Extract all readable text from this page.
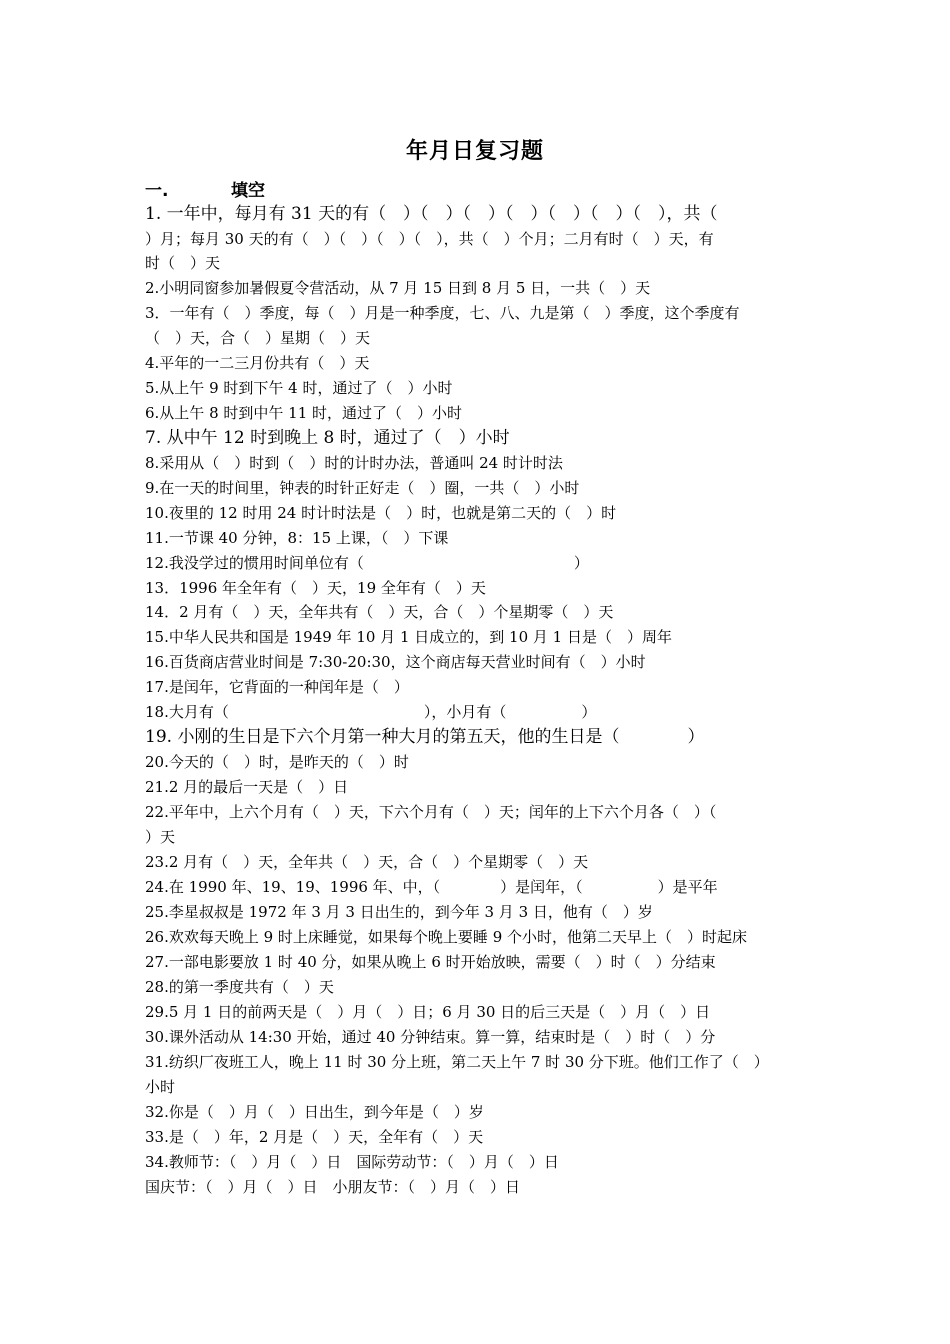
年月日复习题
一.	填空
1. 一年中，每月有 31 天的有（　）（　）（　）（　）（　）（　）（　），共（
）月；每月 30 天的有（　）（　）（　）（　），共（　）个月；二月有时（　）天，有
时（　）天
2.小明同窗参加暑假夏令营活动，从 7 月 15 日到 8 月 5 日，一共（　）天
3．一年有（　）季度，每（　）月是一种季度，七、八、九是第（　）季度，这个季度有
（　）天，合（　）星期（　）天
4.平年的一二三月份共有（　）天
5.从上午 9 时到下午 4 时，通过了（　）小时
6.从上午 8 时到中午 11 时，通过了（　）小时
7. 从中午 12 时到晚上 8 时，通过了（　）小时
8.采用从（　）时到（　）时的计时办法，普通叫 24 时计时法
9.在一天的时间里，钟表的时针正好走（　）圈，一共（　）小时
10.夜里的 12 时用 24 时计时法是（　）时，也就是第二天的（　）时
11.一节课 40 分钟，8：15 上课，（　）下课
12.我没学过的惯用时间单位有（　　　　　　　　　　　　　　）
13．1996 年全年有（　）天，19 全年有（　）天
14．2 月有（　）天，全年共有（　）天，合（　）个星期零（　）天
15.中华人民共和国是 1949 年 10 月 1 日成立的，到 10 月 1 日是（　）周年
16.百货商店营业时间是 7:30-20:30，这个商店每天营业时间有（　）小时
17.是闰年，它背面的一种闰年是（　）
18.大月有（　　　　　　　　　　　　　），小月有（　　　　　）
19. 小刚的生日是下六个月第一种大月的第五天，他的生日是（　　　　）
20.今天的（　）时，是昨天的（　）时
21.2 月的最后一天是（　）日
22.平年中，上六个月有（　）天，下六个月有（　）天；闰年的上下六个月各（　）（
）天
23.2 月有（　）天，全年共（　）天，合（　）个星期零（　）天
24.在 1990 年、19、19、1996 年、中，（　　　　）是闰年，（　　　　　）是平年
25.李星叔叔是 1972 年 3 月 3 日出生的，到今年 3 月 3 日，他有（　）岁
26.欢欢每天晚上 9 时上床睡觉，如果每个晚上要睡 9 个小时，他第二天早上（　）时起床
27.一部电影要放 1 时 40 分，如果从晚上 6 时开始放映，需要（　）时（　）分结束
28.的第一季度共有（　）天
29.5 月 1 日的前两天是（　）月（　）日；6 月 30 日的后三天是（　）月（　）日
30.课外活动从 14:30 开始，通过 40 分钟结束。算一算，结束时是（　）时（　）分
31.纺织厂夜班工人，晚上 11 时 30 分上班，第二天上午 7 时 30 分下班。他们工作了（　）
小时
32.你是（　）月（　）日出生，到今年是（　）岁
33.是（　）年，2 月是（　）天，全年有（　）天
34.教师节：（　）月（　）日　国际劳动节：（　）月（　）日
国庆节：（　）月（　）日　小朋友节：（　）月（　）日
